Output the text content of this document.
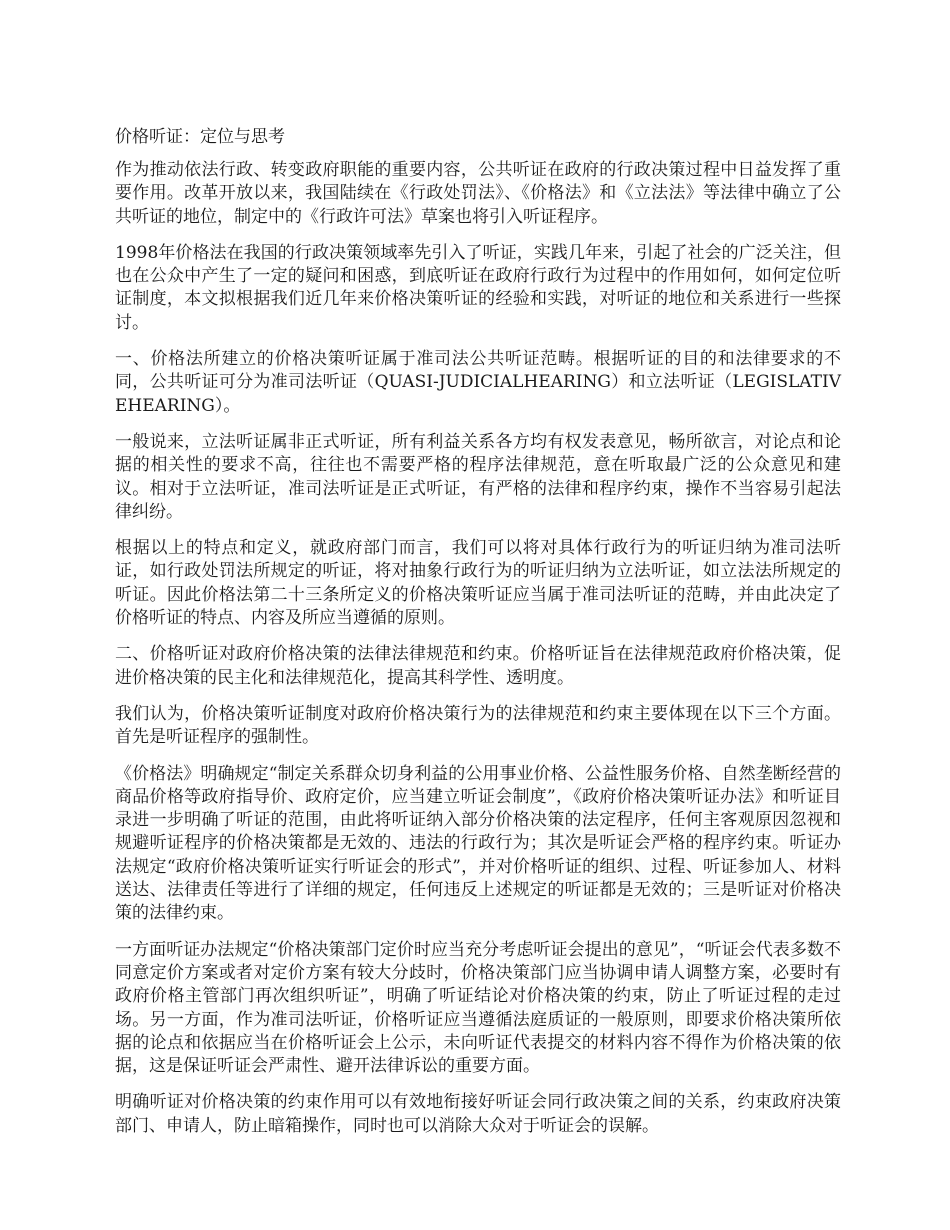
价格听证：定位与思考

作为推动依法行政、转变政府职能的重要内容，公共听证在政府的行政决策过程中日益发挥了重要作用。改革开放以来，我国陆续在《行政处罚法》、《价格法》和《立法法》等法律中确立了公共听证的地位，制定中的《行政许可法》草案也将引入听证程序。

1998年价格法在我国的行政决策领域率先引入了听证，实践几年来，引起了社会的广泛关注，但也在公众中产生了一定的疑问和困惑，到底听证在政府行政行为过程中的作用如何，如何定位听证制度，本文拟根据我们近几年来价格决策听证的经验和实践，对听证的地位和关系进行一些探讨。

一、价格法所建立的价格决策听证属于准司法公共听证范畴。根据听证的目的和法律要求的不同，公共听证可分为准司法听证（QUASI-JUDICIALHEARING）和立法听证（LEGISLATIVEHEARING）。

一般说来，立法听证属非正式听证，所有利益关系各方均有权发表意见，畅所欲言，对论点和论据的相关性的要求不高，往往也不需要严格的程序法律规范，意在听取最广泛的公众意见和建议。相对于立法听证，准司法听证是正式听证，有严格的法律和程序约束，操作不当容易引起法律纠纷。

根据以上的特点和定义，就政府部门而言，我们可以将对具体行政行为的听证归纳为准司法听证，如行政处罚法所规定的听证，将对抽象行政行为的听证归纳为立法听证，如立法法所规定的听证。因此价格法第二十三条所定义的价格决策听证应当属于准司法听证的范畴，并由此决定了价格听证的特点、内容及所应当遵循的原则。

二、价格听证对政府价格决策的法律法律规范和约束。价格听证旨在法律规范政府价格决策，促进价格决策的民主化和法律规范化，提高其科学性、透明度。

我们认为，价格决策听证制度对政府价格决策行为的法律规范和约束主要体现在以下三个方面。首先是听证程序的强制性。

《价格法》明确规定“制定关系群众切身利益的公用事业价格、公益性服务价格、自然垄断经营的商品价格等政府指导价、政府定价，应当建立听证会制度”，《政府价格决策听证办法》和听证目录进一步明确了听证的范围，由此将听证纳入部分价格决策的法定程序，任何主客观原因忽视和规避听证程序的价格决策都是无效的、违法的行政行为；其次是听证会严格的程序约束。听证办法规定“政府价格决策听证实行听证会的形式”，并对价格听证的组织、过程、听证参加人、材料送达、法律责任等进行了详细的规定，任何违反上述规定的听证都是无效的；三是听证对价格决策的法律约束。

一方面听证办法规定“价格决策部门定价时应当充分考虑听证会提出的意见”，“听证会代表多数不同意定价方案或者对定价方案有较大分歧时，价格决策部门应当协调申请人调整方案，必要时有政府价格主管部门再次组织听证”，明确了听证结论对价格决策的约束，防止了听证过程的走过场。另一方面，作为准司法听证，价格听证应当遵循法庭质证的一般原则，即要求价格决策所依据的论点和依据应当在价格听证会上公示，未向听证代表提交的材料内容不得作为价格决策的依据，这是保证听证会严肃性、避开法律诉讼的重要方面。

明确听证对价格决策的约束作用可以有效地衔接好听证会同行政决策之间的关系，约束政府决策部门、申请人，防止暗箱操作，同时也可以消除大众对于听证会的误解。
